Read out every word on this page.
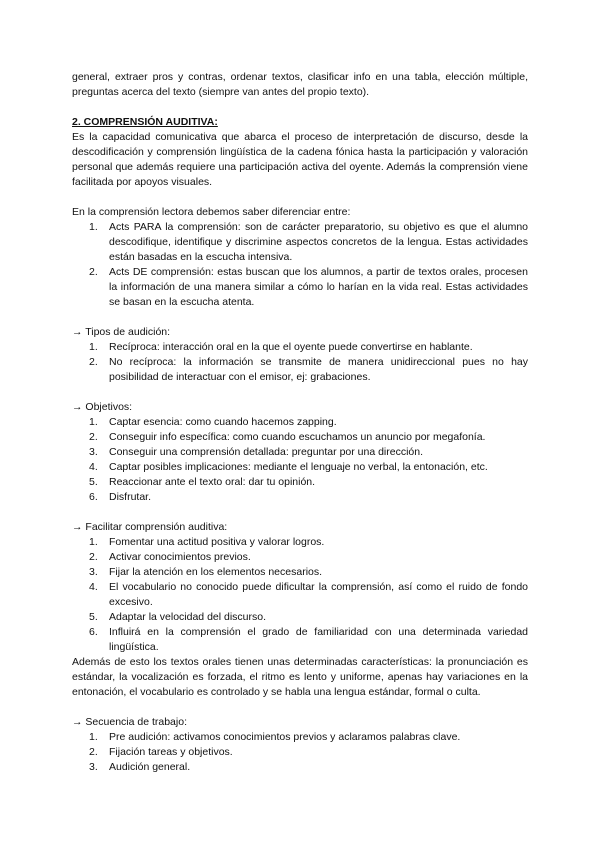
general, extraer pros y contras, ordenar textos, clasificar info en una tabla, elección múltiple, preguntas acerca del texto (siempre van antes del propio texto).

2. COMPRENSIÓN AUDITIVA:

Es la capacidad comunicativa que abarca el proceso de interpretación de discurso, desde la descodificación y comprensión lingüística de la cadena fónica hasta la participación y valoración personal que además requiere una participación activa del oyente. Además la comprensión viene facilitada por apoyos visuales.

En la comprensión lectora debemos saber diferenciar entre:

1. Acts PARA la comprensión: son de carácter preparatorio, su objetivo es que el alumno descodifique, identifique y discrimine aspectos concretos de la lengua. Estas actividades están basadas en la escucha intensiva.
2. Acts DE comprensión: estas buscan que los alumnos, a partir de textos orales, procesen la información de una manera similar a cómo lo harían en la vida real. Estas actividades se basan en la escucha atenta.

→ Tipos de audición:

1. Recíproca: interacción oral en la que el oyente puede convertirse en hablante.
2. No recíproca: la información se transmite de manera unidireccional pues no hay posibilidad de interactuar con el emisor, ej: grabaciones.

→ Objetivos:

1. Captar esencia: como cuando hacemos zapping.
2. Conseguir info específica: como cuando escuchamos un anuncio por megafonía.
3. Conseguir una comprensión detallada: preguntar por una dirección.
4. Captar posibles implicaciones: mediante el lenguaje no verbal, la entonación, etc.
5. Reaccionar ante el texto oral: dar tu opinión.
6. Disfrutar.

→ Facilitar comprensión auditiva:

1. Fomentar una actitud positiva y valorar logros.
2. Activar conocimientos previos.
3. Fijar la atención en los elementos necesarios.
4. El vocabulario no conocido puede dificultar la comprensión, así como el ruido de fondo excesivo.
5. Adaptar la velocidad del discurso.
6. Influirá en la comprensión el grado de familiaridad con una determinada variedad lingüística.

Además de esto los textos orales tienen unas determinadas características: la pronunciación es estándar, la vocalización es forzada, el ritmo es lento y uniforme, apenas hay variaciones en la entonación, el vocabulario es controlado y se habla una lengua estándar, formal o culta.

→ Secuencia de trabajo:

1. Pre audición: activamos conocimientos previos y aclaramos palabras clave.
2. Fijación tareas y objetivos.
3. Audición general.
